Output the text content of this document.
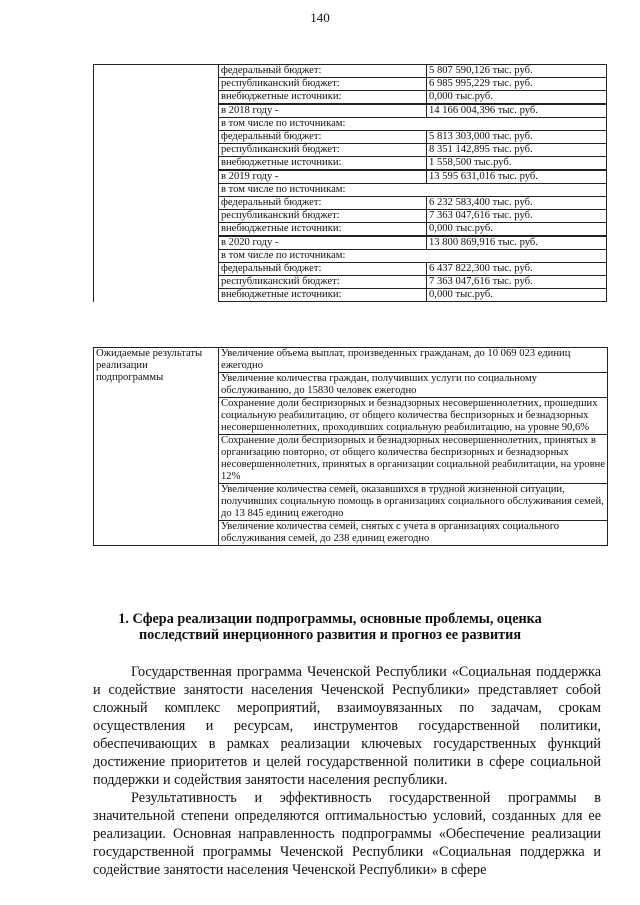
140
	федеральный бюджет:	5 807 590,126 тыс. руб.
	республиканский бюджет:	6 985 995,229 тыс. руб.
	внебюджетные источники:	0,000 тыс.руб.
	в 2018 году -	14 166 004,396 тыс. руб.
	в том числе по источникам:	
	федеральный бюджет:	5 813 303,000 тыс. руб.
	республиканский бюджет:	8 351 142,895 тыс. руб.
	внебюджетные источники:	1 558,500 тыс.руб.
	в 2019 году -	13 595 631,016 тыс. руб.
	в том числе по источникам:	
	федеральный бюджет:	6 232 583,400 тыс. руб.
	республиканский бюджет:	7 363 047,616 тыс. руб.
	внебюджетные источники:	0,000 тыс.руб.
	в 2020 году -	13 800 869,916 тыс. руб.
	в том числе по источникам:	
	федеральный бюджет:	6 437 822,300 тыс. руб.
	республиканский бюджет:	7 363 047,616 тыс. руб.
	внебюджетные источники:	0,000 тыс.руб.
Ожидаемые результаты реализации подпрограммы	Увеличение объема выплат, произведенных гражданам, до 10 069 023 единиц ежегодно
Увеличение количества граждан, получивших услуги по социальному обслуживанию, до 15830 человек ежегодно
Сохранение доли беспризорных и безнадзорных несовершеннолетних, прошедших социальную реабилитацию, от общего количества беспризорных и безнадзорных несовершеннолетних, проходивших социальную реабилитацию, на уровне 90,6%
Сохранение доли беспризорных и безнадзорных несовершеннолетних, принятых в организацию повторно, от общего количества беспризорных и безнадзорных несовершеннолетних, принятых в организации социальной реабилитации, на уровне 12%
Увеличение количества семей, оказавшихся в трудной жизненной ситуации, получивших социальную помощь в организациях социального обслуживания семей, до 13 845 единиц ежегодно
Увеличение количества семей, снятых с учета в организациях социального обслуживания семей, до 238 единиц ежегодно
1. Сфера реализации подпрограммы, основные проблемы, оценка последствий инерционного развития и прогноз ее развития

Государственная программа Чеченской Республики «Социальная поддержка и содействие занятости населения Чеченской Республики» представляет собой сложный комплекс мероприятий, взаимоувязанных по задачам, срокам осуществления и ресурсам, инструментов государственной политики, обеспечивающих в рамках реализации ключевых государственных функций достижение приоритетов и целей государственной политики в сфере социальной поддержки и содействия занятости населения республики.

Результативность и эффективность государственной программы в значительной степени определяются оптимальностью условий, созданных для ее реализации. Основная направленность подпрограммы «Обеспечение реализации государственной программы Чеченской Республики «Социальная поддержка и содействие занятости населения Чеченской Республики» в сфере
